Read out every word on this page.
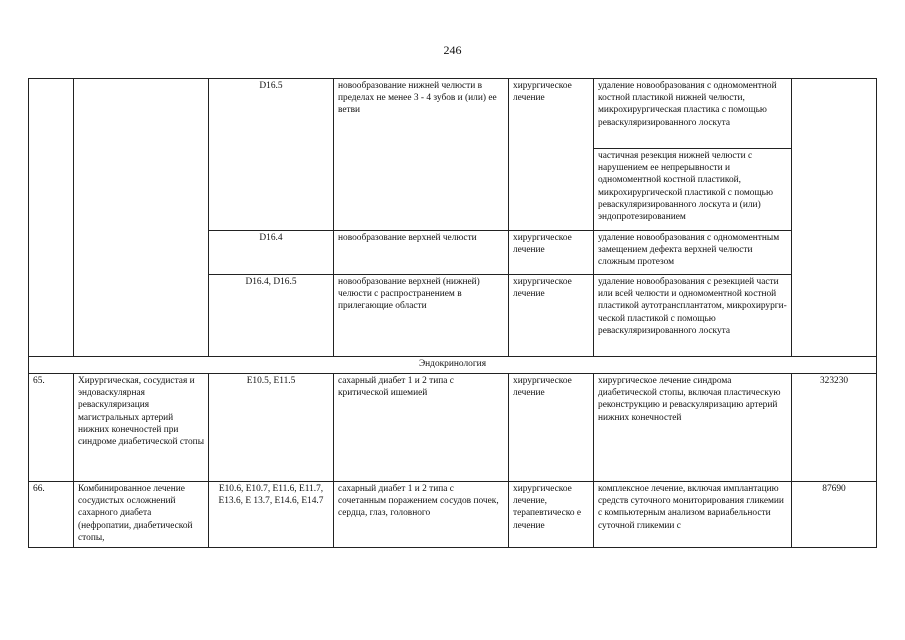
246

		D16.5	новообразование нижней челюсти в пределах не менее 3 - 4 зубов и (или) ее ветви	хирургическое лечение	удаление новообразования с одномоментной костной пластикой нижней челюсти, микрохирургическая пластика с помощью реваскуляризированного лоскута	

					частичная резекция нижней челюсти с нарушением ее непрерывности и одномоментной костной пластикой, микрохирургической пластикой с помощью реваскуляризированного лоскута и (или) эндопротезированием	

		D16.4	новообразование верхней челюсти	хирургическое лечение	удаление новообразования с одномоментным замещением дефекта верхней челюсти сложным протезом	

		D16.4, D16.5	новообразование верхней (нижней) челюсти с распространением в прилегающие области	хирургическое лечение	удаление новообразования с резекцией части или всей челюсти и одномоментной костной пластикой аутотрансплантатом, микрохирурги-ческой пластикой с помощью реваскуляризированного лоскута	

Эндокринология						

65.	Хирургическая, сосудистая и эндоваскулярная реваскуляризация магистральных артерий нижних конечностей при синдроме диабетической стопы	E10.5, E11.5	сахарный диабет 1 и 2 типа с критической ишемией	хирургическое лечение	хирургическое лечение синдрома диабетической стопы, включая пластическую реконструкцию и реваскуляризацию артерий нижних конечностей	323230

66.	Комбинированное лечение сосудистых осложнений сахарного диабета (нефропатии, диабетической стопы,	E10.6, E10.7, E11.6, E11.7, E13.6, E 13.7, E14.6, E14.7	сахарный диабет 1 и 2 типа с сочетанным поражением сосудов почек, сердца, глаз, головного	хирургическое лечение, терапевтическо е лечение	комплексное лечение, включая имплантацию средств суточного мониторирования гликемии с компьютерным анализом вариабельности суточной гликемии с	87690
